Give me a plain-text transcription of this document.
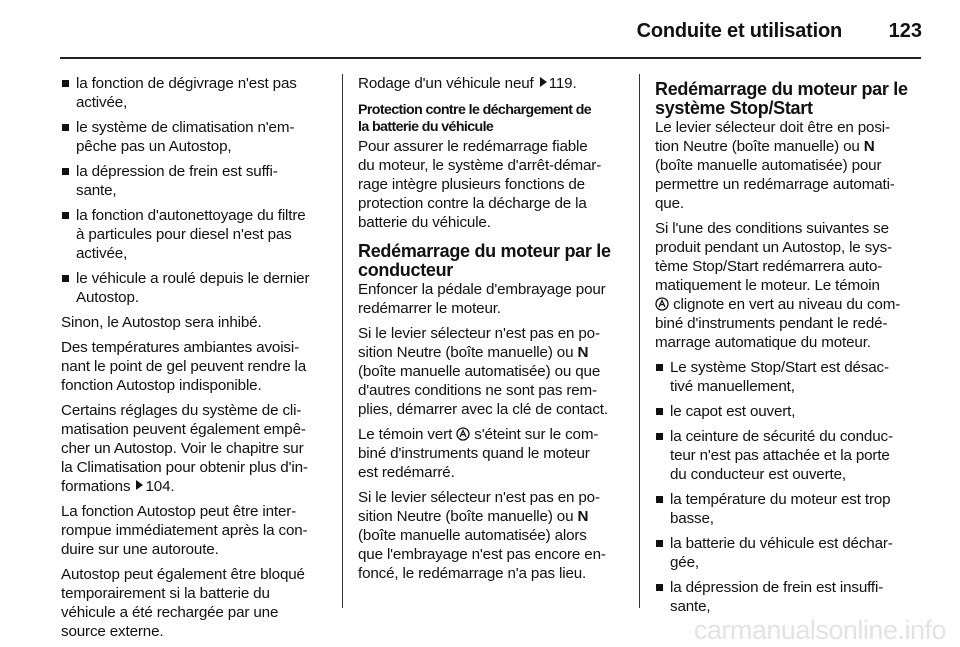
Conduite et utilisation 123
la fonction de dégivrage n'est pas
activée,
le système de climatisation n'em-
pêche pas un Autostop,
la dépression de frein est suffi-
sante,
la fonction d'autonettoyage du filtre
à particules pour diesel n'est pas
activée,
le véhicule a roulé depuis le dernier
Autostop.
Sinon, le Autostop sera inhibé.
Des températures ambiantes avoisi-
nant le point de gel peuvent rendre la
fonction Autostop indisponible.
Certains réglages du système de cli-
matisation peuvent également empê-
cher un Autostop. Voir le chapitre sur
la Climatisation pour obtenir plus d'in-
formations 104.
La fonction Autostop peut être inter-
rompue immédiatement après la con-
duire sur une autoroute.
Autostop peut également être bloqué
temporairement si la batterie du
véhicule a été rechargée par une
source externe.
Rodage d'un véhicule neuf 119.
Protection contre le déchargement de
la batterie du véhicule
Pour assurer le redémarrage fiable
du moteur, le système d'arrêt-démar-
rage intègre plusieurs fonctions de
protection contre la décharge de la
batterie du véhicule.
Redémarrage du moteur par le
conducteur
Enfoncer la pédale d'embrayage pour
redémarrer le moteur.
Si le levier sélecteur n'est pas en po-
sition Neutre (boîte manuelle) ou N
(boîte manuelle automatisée) ou que
d'autres conditions ne sont pas rem-
plies, démarrer avec la clé de contact.
Le témoin vert  s'éteint sur le com-
biné d'instruments quand le moteur
est redémarré.
Si le levier sélecteur n'est pas en po-
sition Neutre (boîte manuelle) ou N
(boîte manuelle automatisée) alors
que l'embrayage n'est pas encore en-
foncé, le redémarrage n'a pas lieu.
Redémarrage du moteur par le
système Stop/Start
Le levier sélecteur doit être en posi-
tion Neutre (boîte manuelle) ou N
(boîte manuelle automatisée) pour
permettre un redémarrage automati-
que.
Si l'une des conditions suivantes se
produit pendant un Autostop, le sys-
tème Stop/Start redémarrera auto-
matiquement le moteur. Le témoin
clignote en vert au niveau du com-
biné d'instruments pendant le redé-
marrage automatique du moteur.
Le système Stop/Start est désac-
tivé manuellement,
le capot est ouvert,
la ceinture de sécurité du conduc-
teur n'est pas attachée et la porte
du conducteur est ouverte,
la température du moteur est trop
basse,
la batterie du véhicule est déchar-
gée,
la dépression de frein est insuffi-
sante,
carmanualsonline.info
